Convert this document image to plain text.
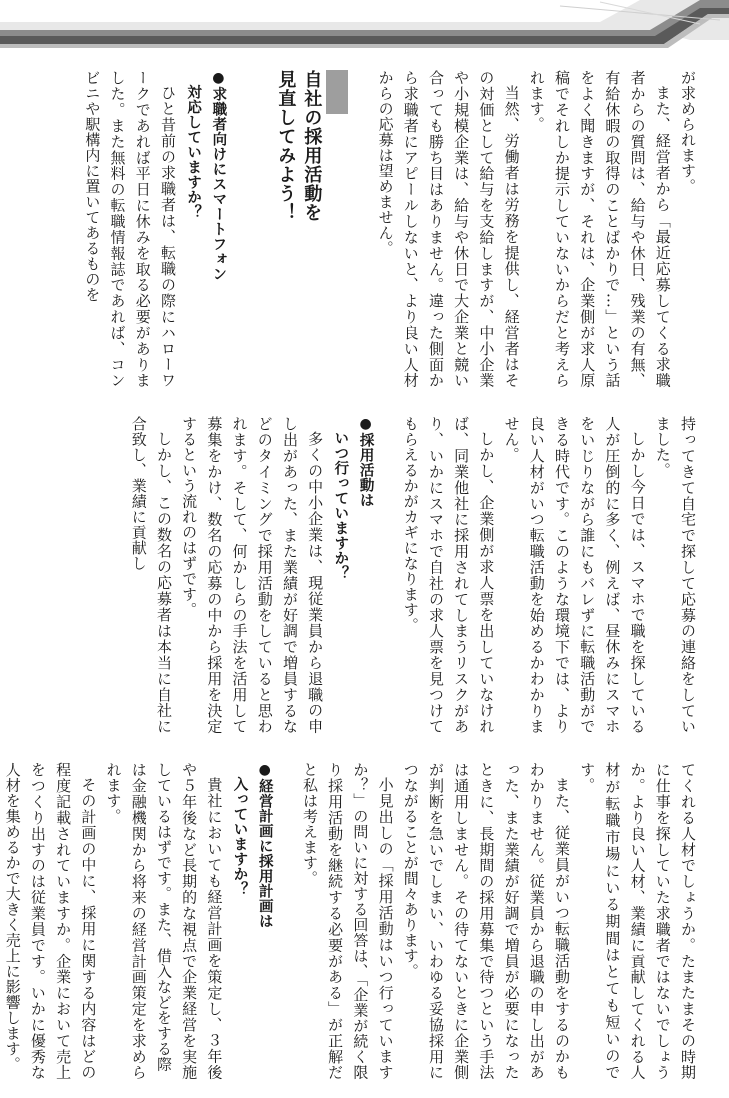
が求められます。

また、経営者から「最近応募してくる求職者からの質問は、給与や休日、残業の有無、有給休暇の取得のことばかりで…」という話をよく聞きますが、それは、企業側が求人原稿でそれしか提示していないからだと考えられます。

当然、労働者は労務を提供し、経営者はその対価として給与を支給しますが、中小企業や小規模企業は、給与や休日で大企業と競い合っても勝ち目はありません。違った側面から求職者にアピールしないと、より良い人材からの応募は望めません。

自社の採用活動を
見直してみよう！
●求職者向けにスマートフォン
対応していますか？

ひと昔前の求職者は、転職の際にハローワークであれば平日に休みを取る必要がありました。また無料の転職情報誌であれば、コンビニや駅構内に置いてあるものを

持ってきて自宅で探して応募の連絡をしていました。

しかし今日では、スマホで職を探している人が圧倒的に多く、例えば、昼休みにスマホをいじりながら誰にもバレずに転職活動ができる時代です。このような環境下では、より良い人材がいつ転職活動を始めるかわかりません。

しかし、企業側が求人票を出していなければ、同業他社に採用されてしまうリスクがあり、いかにスマホで自社の求人票を見つけてもらえるかがカギになります。

●採用活動は
いつ行っていますか？

多くの中小企業は、現従業員から退職の申し出があった、また業績が好調で増員するなどのタイミングで採用活動をしていると思われます。そして、何かしらの手法を活用して募集をかけ、数名の応募の中から採用を決定するという流れのはずです。

しかし、この数名の応募者は本当に自社に合致し、業績に貢献し

てくれる人材でしょうか。たまたまその時期に仕事を探していた求職者ではないでしょうか。より良い人材、業績に貢献してくれる人材が転職市場にいる期間はとても短いのです。

また、従業員がいつ転職活動をするのかもわかりません。従業員から退職の申し出があった、また業績が好調で増員が必要になったときに、長期間の採用募集で待つという手法は通用しません。その待てないときに企業側が判断を急いでしまい、いわゆる妥協採用につながることが間々あります。

小見出しの「採用活動はいつ行っていますか？」の問いに対する回答は、「企業が続く限り採用活動を継続する必要がある」が正解だと私は考えます。

●経営計画に採用計画は
入っていますか？

貴社においても経営計画を策定し、３年後や５年後など長期的な視点で企業経営を実施しているはずです。また、借入などをする際

は金融機関から将来の経営計画策定を求められます。

その計画の中に、採用に関する内容はどの程度記載されていますか。企業において売上をつくり出すのは従業員です。いかに優秀な人材を集めるかで大きく売上に影響します。
